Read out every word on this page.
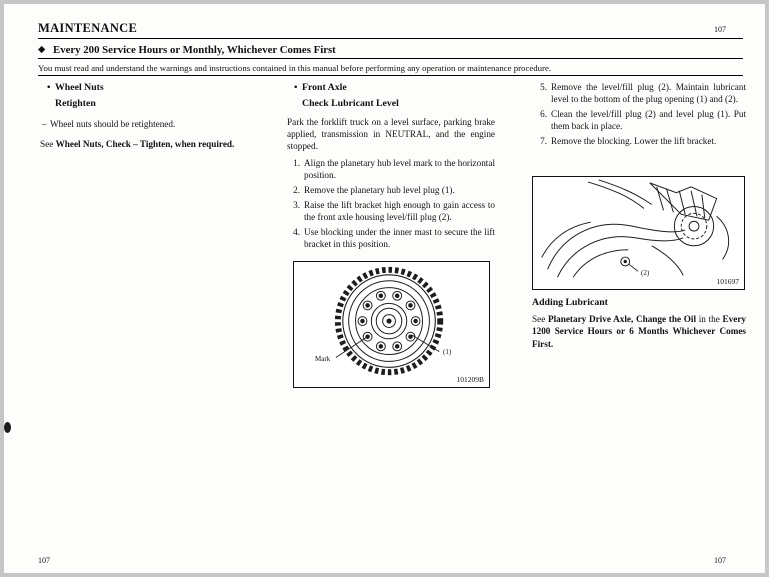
MAINTENANCE	107
◆ Every 200 Service Hours or Monthly, Whichever Comes First
You must read and understand the warnings and instructions contained in this manual before performing any operation or maintenance procedure.
• Wheel Nuts
Retighten
– Wheel nuts should be retightened.

See Wheel Nuts, Check – Tighten, when required.

• Front Axle
Check Lubricant Level

Park the forklift truck on a level surface, parking brake applied, transmission in NEUTRAL, and the engine stopped.

1. Align the planetary hub level mark to the horizontal position.
2. Remove the planetary hub level plug (1).
3. Raise the lift bracket high enough to gain access to the front axle housing level/fill plug (2).
4. Use blocking under the inner mast to secure the lift bracket in this position.
Mark
(1)
101209B
5. Remove the level/fill plug (2). Maintain lubricant level to the bottom of the plug opening (1) and (2).
6. Clean the level/fill plug (2) and level plug (1). Put them back in place.
7. Remove the blocking. Lower the lift bracket.
(2)
101697
Adding Lubricant

See Planetary Drive Axle, Change the Oil in the Every 1200 Service Hours or 6 Months Whichever Comes First.

107	107
